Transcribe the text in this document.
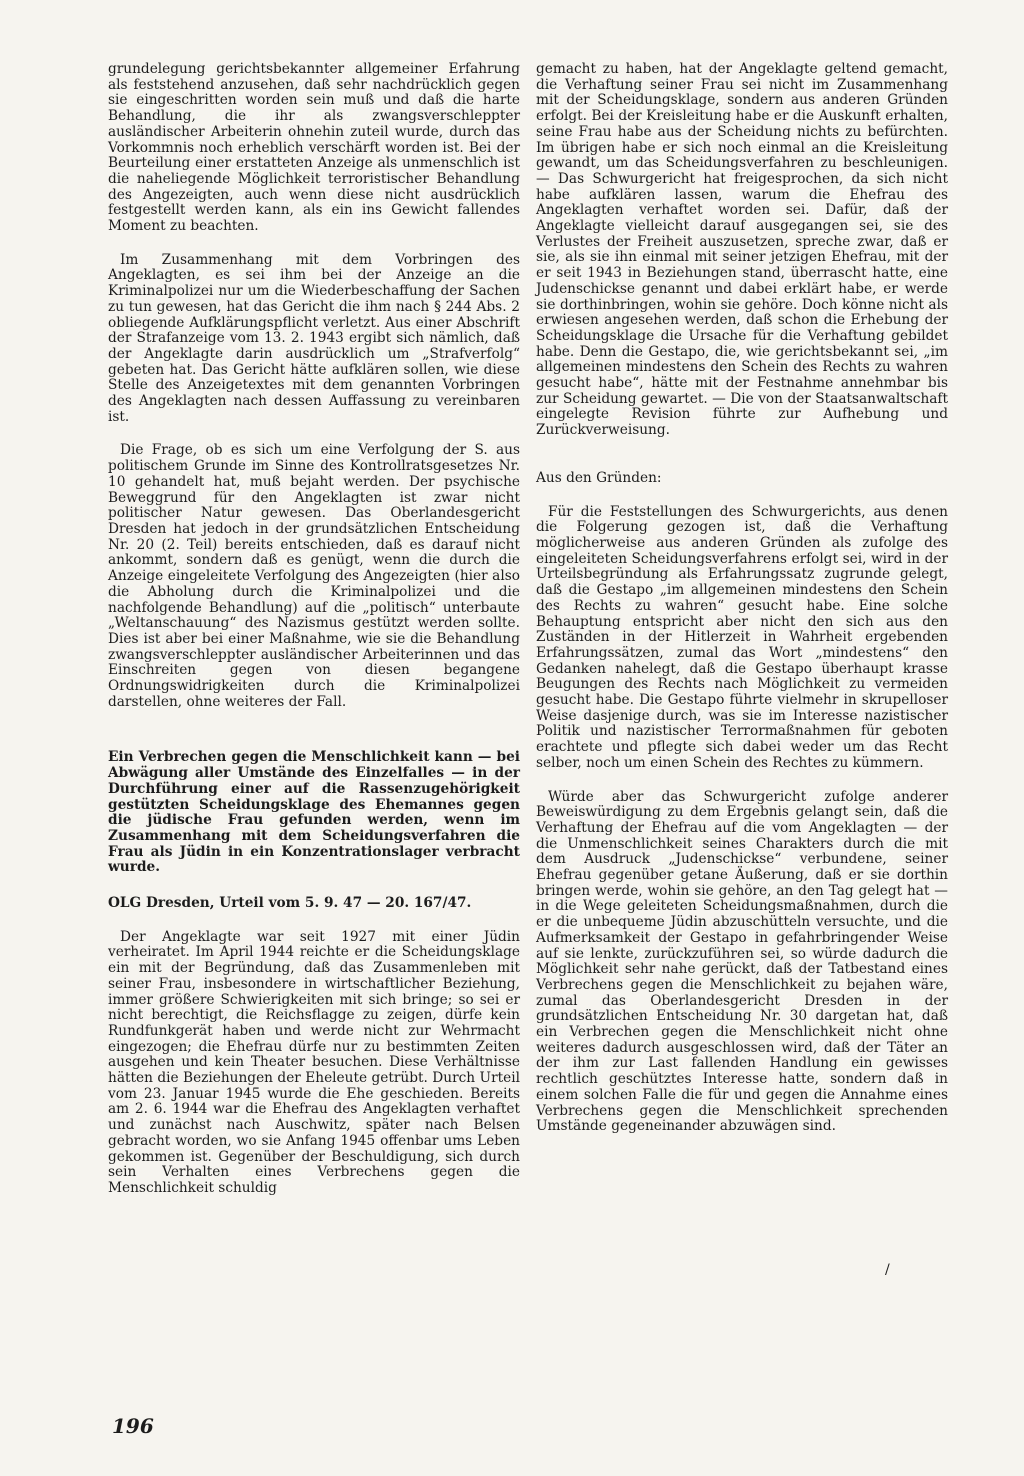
grundelegung gerichtsbekannter allgemeiner Erfahrung als feststehend anzusehen, daß sehr nachdrücklich gegen sie eingeschritten worden sein muß und daß die harte Behandlung, die ihr als zwangsverschleppter ausländischer Arbeiterin ohnehin zuteil wurde, durch das Vorkommnis noch erheblich verschärft worden ist. Bei der Beurteilung einer erstatteten Anzeige als unmenschlich ist die naheliegende Möglichkeit terroristischer Behandlung des Angezeigten, auch wenn diese nicht ausdrücklich festgestellt werden kann, als ein ins Gewicht fallendes Moment zu beachten.

Im Zusammenhang mit dem Vorbringen des Angeklagten, es sei ihm bei der Anzeige an die Kriminalpolizei nur um die Wiederbeschaffung der Sachen zu tun gewesen, hat das Gericht die ihm nach § 244 Abs. 2 obliegende Aufklärungspflicht verletzt. Aus einer Abschrift der Strafanzeige vom 13. 2. 1943 ergibt sich nämlich, daß der Angeklagte darin ausdrücklich um „Strafverfolg“ gebeten hat. Das Gericht hätte aufklären sollen, wie diese Stelle des Anzeigetextes mit dem genannten Vorbringen des Angeklagten nach dessen Auffassung zu vereinbaren ist.

Die Frage, ob es sich um eine Verfolgung der S. aus politischem Grunde im Sinne des Kontrollratsgesetzes Nr. 10 gehandelt hat, muß bejaht werden. Der psychische Beweggrund für den Angeklagten ist zwar nicht politischer Natur gewesen. Das Oberlandesgericht Dresden hat jedoch in der grundsätzlichen Entscheidung Nr. 20 (2. Teil) bereits entschieden, daß es darauf nicht ankommt, sondern daß es genügt, wenn die durch die Anzeige eingeleitete Verfolgung des Angezeigten (hier also die Abholung durch die Kriminalpolizei und die nachfolgende Behandlung) auf die „politisch“ unterbaute „Weltanschauung“ des Nazismus gestützt werden sollte. Dies ist aber bei einer Maßnahme, wie sie die Behandlung zwangsverschleppter ausländischer Arbeiterinnen und das Einschreiten gegen von diesen begangene Ordnungswidrigkeiten durch die Kriminalpolizei darstellen, ohne weiteres der Fall.

Ein Verbrechen gegen die Menschlichkeit kann — bei Abwägung aller Umstände des Einzelfalles — in der Durchführung einer auf die Rassenzugehörigkeit gestützten Scheidungsklage des Ehemannes gegen die jüdische Frau gefunden werden, wenn im Zusammenhang mit dem Scheidungsverfahren die Frau als Jüdin in ein Konzentrationslager verbracht wurde.
OLG Dresden, Urteil vom 5. 9. 47 — 20. 167/47.

Der Angeklagte war seit 1927 mit einer Jüdin verheiratet. Im April 1944 reichte er die Scheidungsklage ein mit der Begründung, daß das Zusammenleben mit seiner Frau, insbesondere in wirtschaftlicher Beziehung, immer größere Schwierigkeiten mit sich bringe; so sei er nicht berechtigt, die Reichsflagge zu zeigen, dürfe kein Rundfunkgerät haben und werde nicht zur Wehrmacht eingezogen; die Ehefrau dürfe nur zu bestimmten Zeiten ausgehen und kein Theater besuchen. Diese Verhältnisse hätten die Beziehungen der Eheleute getrübt. Durch Urteil vom 23. Januar 1945 wurde die Ehe geschieden. Bereits am 2. 6. 1944 war die Ehefrau des Angeklagten verhaftet und zunächst nach Auschwitz, später nach Belsen gebracht worden, wo sie Anfang 1945 offenbar ums Leben gekommen ist. Gegenüber der Beschuldigung, sich durch sein Verhalten eines Verbrechens gegen die Menschlichkeit schuldig

gemacht zu haben, hat der Angeklagte geltend gemacht, die Verhaftung seiner Frau sei nicht im Zusammenhang mit der Scheidungsklage, sondern aus anderen Gründen erfolgt. Bei der Kreisleitung habe er die Auskunft erhalten, seine Frau habe aus der Scheidung nichts zu befürchten. Im übrigen habe er sich noch einmal an die Kreisleitung gewandt, um das Scheidungsverfahren zu beschleunigen. — Das Schwurgericht hat freigesprochen, da sich nicht habe aufklären lassen, warum die Ehefrau des Angeklagten verhaftet worden sei. Dafür, daß der Angeklagte vielleicht darauf ausgegangen sei, sie des Verlustes der Freiheit auszusetzen, spreche zwar, daß er sie, als sie ihn einmal mit seiner jetzigen Ehefrau, mit der er seit 1943 in Beziehungen stand, überrascht hatte, eine Judenschickse genannt und dabei erklärt habe, er werde sie dorthinbringen, wohin sie gehöre. Doch könne nicht als erwiesen angesehen werden, daß schon die Erhebung der Scheidungsklage die Ursache für die Verhaftung gebildet habe. Denn die Gestapo, die, wie gerichtsbekannt sei, „im allgemeinen mindestens den Schein des Rechts zu wahren gesucht habe“, hätte mit der Festnahme annehmbar bis zur Scheidung gewartet. — Die von der Staatsanwaltschaft eingelegte Revision führte zur Aufhebung und Zurückverweisung.

Aus den Gründen:

Für die Feststellungen des Schwurgerichts, aus denen die Folgerung gezogen ist, daß die Verhaftung möglicherweise aus anderen Gründen als zufolge des eingeleiteten Scheidungsverfahrens erfolgt sei, wird in der Urteilsbegründung als Erfahrungssatz zugrunde gelegt, daß die Gestapo „im allgemeinen mindestens den Schein des Rechts zu wahren“ gesucht habe. Eine solche Behauptung entspricht aber nicht den sich aus den Zuständen in der Hitlerzeit in Wahrheit ergebenden Erfahrungssätzen, zumal das Wort „mindestens“ den Gedanken nahelegt, daß die Gestapo überhaupt krasse Beugungen des Rechts nach Möglichkeit zu vermeiden gesucht habe. Die Gestapo führte vielmehr in skrupelloser Weise dasjenige durch, was sie im Interesse nazistischer Politik und nazistischer Terrormaßnahmen für geboten erachtete und pflegte sich dabei weder um das Recht selber, noch um einen Schein des Rechtes zu kümmern.

Würde aber das Schwurgericht zufolge anderer Beweiswürdigung zu dem Ergebnis gelangt sein, daß die Verhaftung der Ehefrau auf die vom Angeklagten — der die Unmenschlichkeit seines Charakters durch die mit dem Ausdruck „Judenschickse“ verbundene, seiner Ehefrau gegenüber getane Äußerung, daß er sie dorthin bringen werde, wohin sie gehöre, an den Tag gelegt hat — in die Wege geleiteten Scheidungsmaßnahmen, durch die er die unbequeme Jüdin abzuschütteln versuchte, und die Aufmerksamkeit der Gestapo in gefahrbringender Weise auf sie lenkte, zurückzuführen sei, so würde dadurch die Möglichkeit sehr nahe gerückt, daß der Tatbestand eines Verbrechens gegen die Menschlichkeit zu bejahen wäre, zumal das Oberlandesgericht Dresden in der grundsätzlichen Entscheidung Nr. 30 dargetan hat, daß ein Verbrechen gegen die Menschlichkeit nicht ohne weiteres dadurch ausgeschlossen wird, daß der Täter an der ihm zur Last fallenden Handlung ein gewisses rechtlich geschütztes Interesse hatte, sondern daß in einem solchen Falle die für und gegen die Annahme eines Verbrechens gegen die Menschlichkeit sprechenden Umstände gegeneinander abzuwägen sind.

/
196
